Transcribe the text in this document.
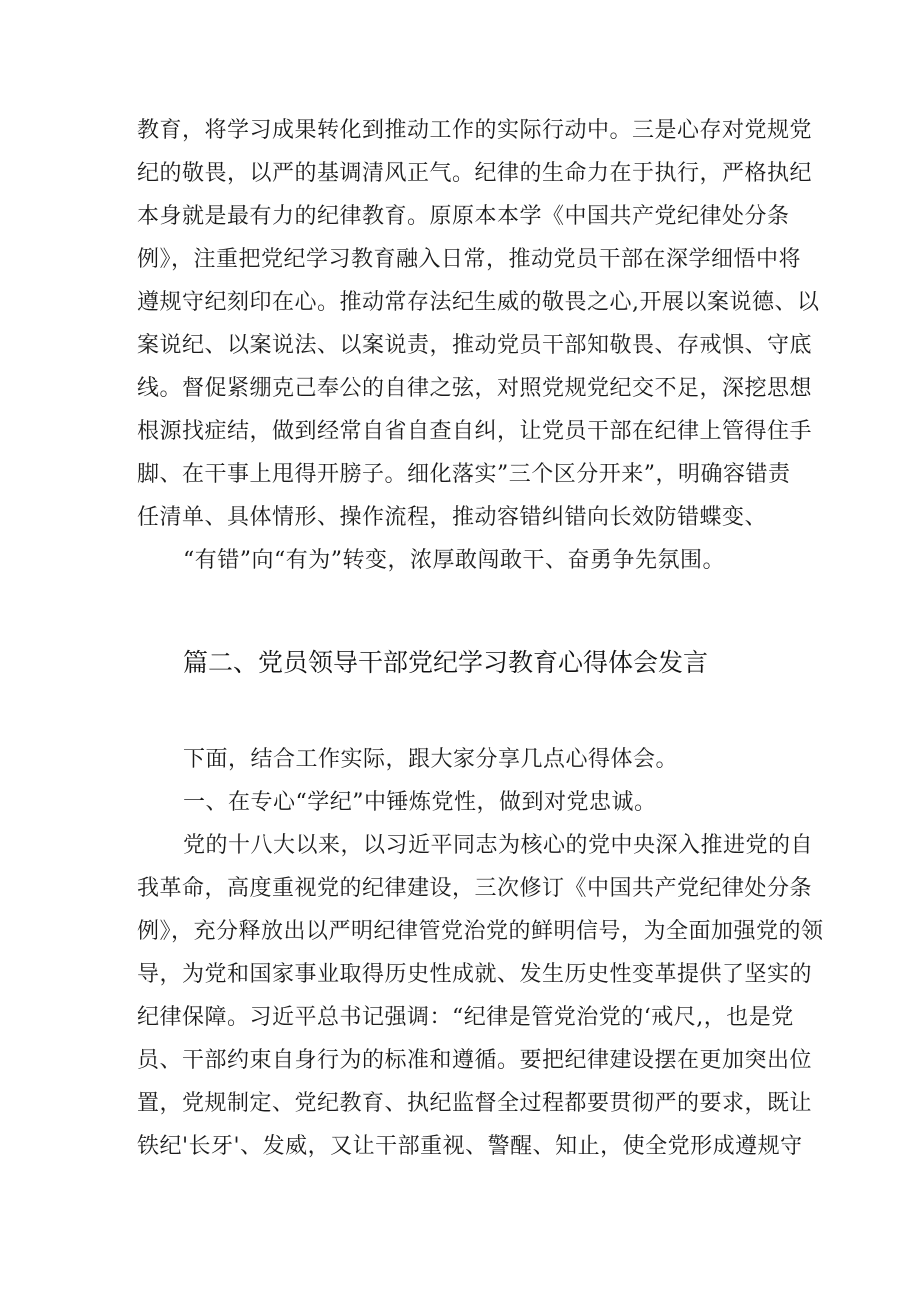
教育，将学习成果转化到推动工作的实际行动中。三是心存对党规党
纪的敬畏，以严的基调清风正气。纪律的生命力在于执行，严格执纪
本身就是最有力的纪律教育。原原本本学《中国共产党纪律处分条
例》，注重把党纪学习教育融入日常，推动党员干部在深学细悟中将
遵规守纪刻印在心。推动常存法纪生威的敬畏之心,开展以案说德、以
案说纪、以案说法、以案说责，推动党员干部知敬畏、存戒惧、守底
线。督促紧绷克己奉公的自律之弦，对照党规党纪交不足，深挖思想
根源找症结，做到经常自省自查自纠，让党员干部在纪律上管得住手
脚、在干事上甩得开膀子。细化落实”三个区分开来”，明确容错责
任清单、具体情形、操作流程，推动容错纠错向长效防错蝶变、
“有错”向“有为”转变，浓厚敢闯敢干、奋勇争先氛围。
篇二、党员领导干部党纪学习教育心得体会发言
下面，结合工作实际，跟大家分享几点心得体会。
一、在专心“学纪”中锤炼党性，做到对党忠诚。
党的十八大以来，以习近平同志为核心的党中央深入推进党的自
我革命，高度重视党的纪律建设，三次修订《中国共产党纪律处分条
例》，充分释放出以严明纪律管党治党的鲜明信号，为全面加强党的领
导，为党和国家事业取得历史性成就、发生历史性变革提供了坚实的
纪律保障。习近平总书记强调：“纪律是管党治党的‘戒尺,，也是党
员、干部约束自身行为的标准和遵循。要把纪律建设摆在更加突出位
置，党规制定、党纪教育、执纪监督全过程都要贯彻严的要求，既让
铁纪'长牙'、发威，又让干部重视、警醒、知止，使全党形成遵规守
